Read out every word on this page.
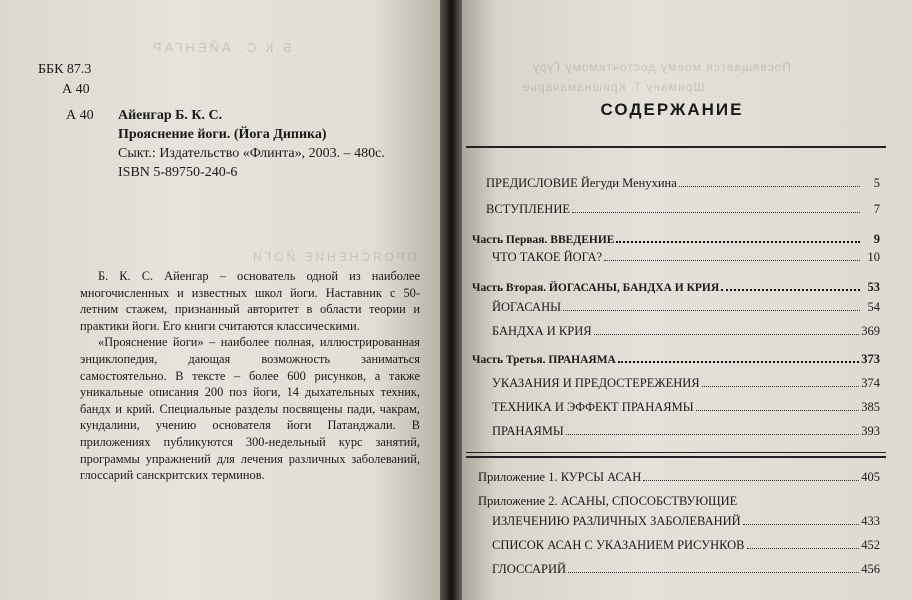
Б.К.С. АЙЕНГАР
ПРОЯСНЕНИЕ ЙОГИ
ББК 87.3
А 40
А 40 Айенгар Б. К. С.
Прояснение йоги. (Йога Дипика)
Сыкт.: Издательство «Флинта», 2003. – 480с.
ISBN 5-89750-240-6

Б. К. С. Айенгар – основатель одной из наиболее многочисленных и известных школ йоги. Наставник с 50-летним стажем, признанный авторитет в области теории и практики йоги. Его книги считаются классическими.

«Прояснение йоги» – наиболее полная, иллюстрированная энциклопедия, дающая возможность заниматься самостоятельно. В тексте – более 600 рисунков, а также уникальные описания 200 поз йоги, 14 дыхательных техник, бандх и крий. Специальные разделы посвящены пади, чакрам, кундалини, учению основателя йоги Патанджали. В приложениях публикуются 300-недельный курс занятий, программы упражнений для лечения различных заболеваний, глоссарий санскритских терминов.

Посвящается моему досточтимому Гуру
Шриману Т. Кришнамачарье
СОДЕРЖАНИЕ
ПРЕДИСЛОВИЕ Йегуди Менухина	5
ВСТУПЛЕНИЕ	7
Часть Первая. ВВЕДЕНИЕ	9
ЧТО ТАКОЕ ЙОГА?	10
Часть Вторая. ЙОГАСАНЫ, БАНДХА И КРИЯ	53
ЙОГАСАНЫ	54
БАНДХА И КРИЯ	369
Часть Третья. ПРАНАЯМА	373
УКАЗАНИЯ И ПРЕДОСТЕРЕЖЕНИЯ	374
ТЕХНИКА И ЭФФЕКТ ПРАНАЯМЫ	385
ПРАНАЯМЫ	393
Приложение 1. КУРСЫ АСАН	405
Приложение 2. АСАНЫ, СПОСОБСТВУЮЩИЕ
ИЗЛЕЧЕНИЮ РАЗЛИЧНЫХ ЗАБОЛЕВАНИЙ	433
СПИСОК АСАН С УКАЗАНИЕМ РИСУНКОВ	452
ГЛОССАРИЙ	456
